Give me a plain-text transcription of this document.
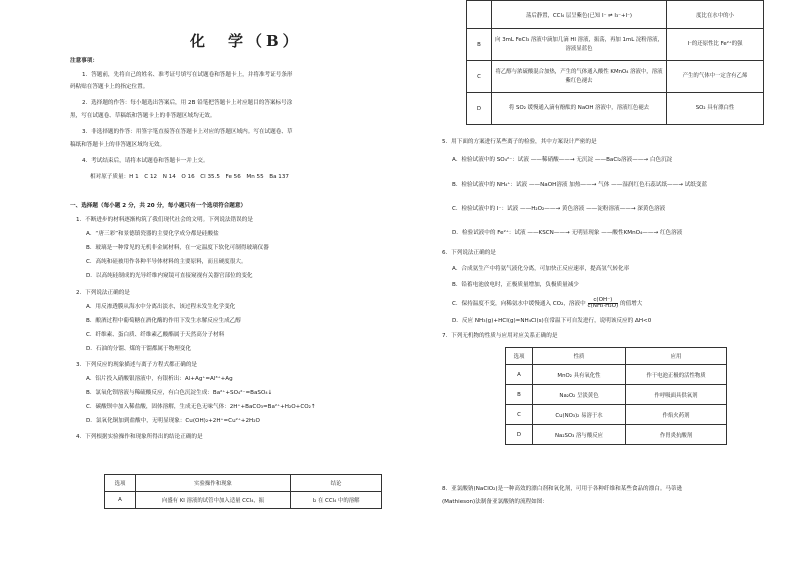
化　学（B）
注意事项：
1．答题前，先将自己的姓名、准考证号填写在试题卷和答题卡上，并将准考证号条形
码粘贴在答题卡上的指定位置。
2．选择题的作答：每小题选出答案后，用 2B 铅笔把答题卡上对应题目的答案标号涂
黑，写在试题卷、草稿纸和答题卡上的非答题区域均无效。
3．非选择题的作答：用签字笔直接答在答题卡上对应的答题区域内。写在试题卷、草
稿纸和答题卡上的非答题区域均无效。
4．考试结束后，请将本试题卷和答题卡一并上交。
相对原子质量：H 1　C 12　N 14　O 16　Cl 35.5　Fe 56　Mn 55　Ba 137
一、选择题（每小题 2 分，共 20 分，每小题只有一个选项符合题意）
1．不断进步的材料逐渐构筑了我们现代社会的文明。下列说法错误的是
A．“唐三彩”和景德镇瓷器的主要化学成分都是硅酸盐
B．玻璃是一种常见的无机非金属材料，在一定温度下软化可制得玻璃仪器
C．高纯和硅被用作各种半导体材料的主要原料，而且硬度很大。
D．以高纯硅制成的光导纤维内窥镜可直接窥视有关器官部位的变化
2．下列说法正确的是
A．用反渗透膜从海水中分离出淡水，该过程未发生化学变化
B．酿酒过程中葡萄糖在酒化酶的作用下发生水解反应生成乙醇
C．纤维素、蛋白质、纤维素乙酸酯属于天然高分子材料
D．石油的分馏、煤的干馏都属于物理变化
3．下列反应的现象描述与离子方程式都正确的是
A．铝片投入硝酸银溶液中，有银析出：Al+Ag⁺=Al³⁺+Ag
B．氯氧化钡溶液与稀硫酸反应，有白色沉淀生成：Ba²⁺+SO₄²⁻=BaSO₄↓
C．碳酸钡中加入稀盐酸，固体溶解，生成无色无味气体：2H⁺+BaCO₃=Ba²⁺+H₂O+CO₂↑
D．氯氧化铜加到盐酸中，无明显现象：Cu(OH)₂+2H⁺=Cu²⁺+2H₂O
4．下列根据实验操作和现象所得出的结论正确的是
选项	实验操作和现象	结论
A	向盛有 KI 溶液的试管中加入适量 CCl₄，振	I₂ 在 CCl₄ 中的溶解
	荡后静置，CCl₄ 层呈紫色(已知 I⁻ ⇌ I₃⁻+I⁻)	度比在水中的小
B	向 3mL FeCl₃ 溶液中滴加几滴 HI 溶液，振荡，再加 1mL 淀粉溶液，溶液显蓝色	I⁻的还原性比 Fe²⁺的强
C	将乙醇与浓硫酸混合加热，产生的气体通入酸性 KMnO₄ 溶液中，溶液紫红色褪去	产生的气体中一定含有乙烯
D	将 SO₂ 缓慢通入滴有酚酞的 NaOH 溶液中，溶液红色褪去	SO₂ 具有漂白性
5．用下面的方案进行某些离子的检验，其中方案设计严密的是
A．检验试液中的 SO₄²⁻：试液 ——稀硝酸——→ 无沉淀 ——BaCl₂溶液——→ 白色沉淀
B．检验试液中的 NH₄⁺：试液 ——NaOH溶液 加热——→ 气体 ——湿润红色石蕊试纸——→ 试纸变蓝
C．检验试液中的 I⁻：试液 ——H₂O₂——→ 黄色溶液 ——淀粉溶液——→ 深黄色溶液
D．检验试液中的 Fe²⁺：试液 ——KSCN——→ 无明显现象 ——酸性KMnO₄——→ 红色溶液
6．下列说法正确的是
A．合成氨生产中将氨气液化分离，可加快正反应速率，提高氢气转化率
B．铅蓄电池放电时，正极质量增加，负极质量减少
C．保持温度不变，向稀氨水中缓慢通入 CO₂，溶液中 $\frac{c(OH^-)}{\text{c(NH₃·H₂O)}}$ 的值增大
D．反应 NH₃(g)+HCl(g)=NH₄Cl(s)在常温下可自发进行，说明该反应的 ΔH<0
7．下列无机物的性质与应用对应关系正确的是
选项	性质	应用
A	MnO₂ 具有氧化性	作干电池正极的活性物质
B	Na₂O₂ 呈淡黄色	作呼吸面具供氧剂
C	Cu(NO₃)₂ 易溶于水	作焰火药剂
D	Na₂SO₃ 溶与酸反应	作胃炎抗酸剂
8．亚氯酸钠(NaClO₂)是一种高效的漂白剂和氧化剂，可用于各种纤维和某些食品的漂白。马蒂逊
(Mathieson)法制备亚氯酸钠的流程如图：
